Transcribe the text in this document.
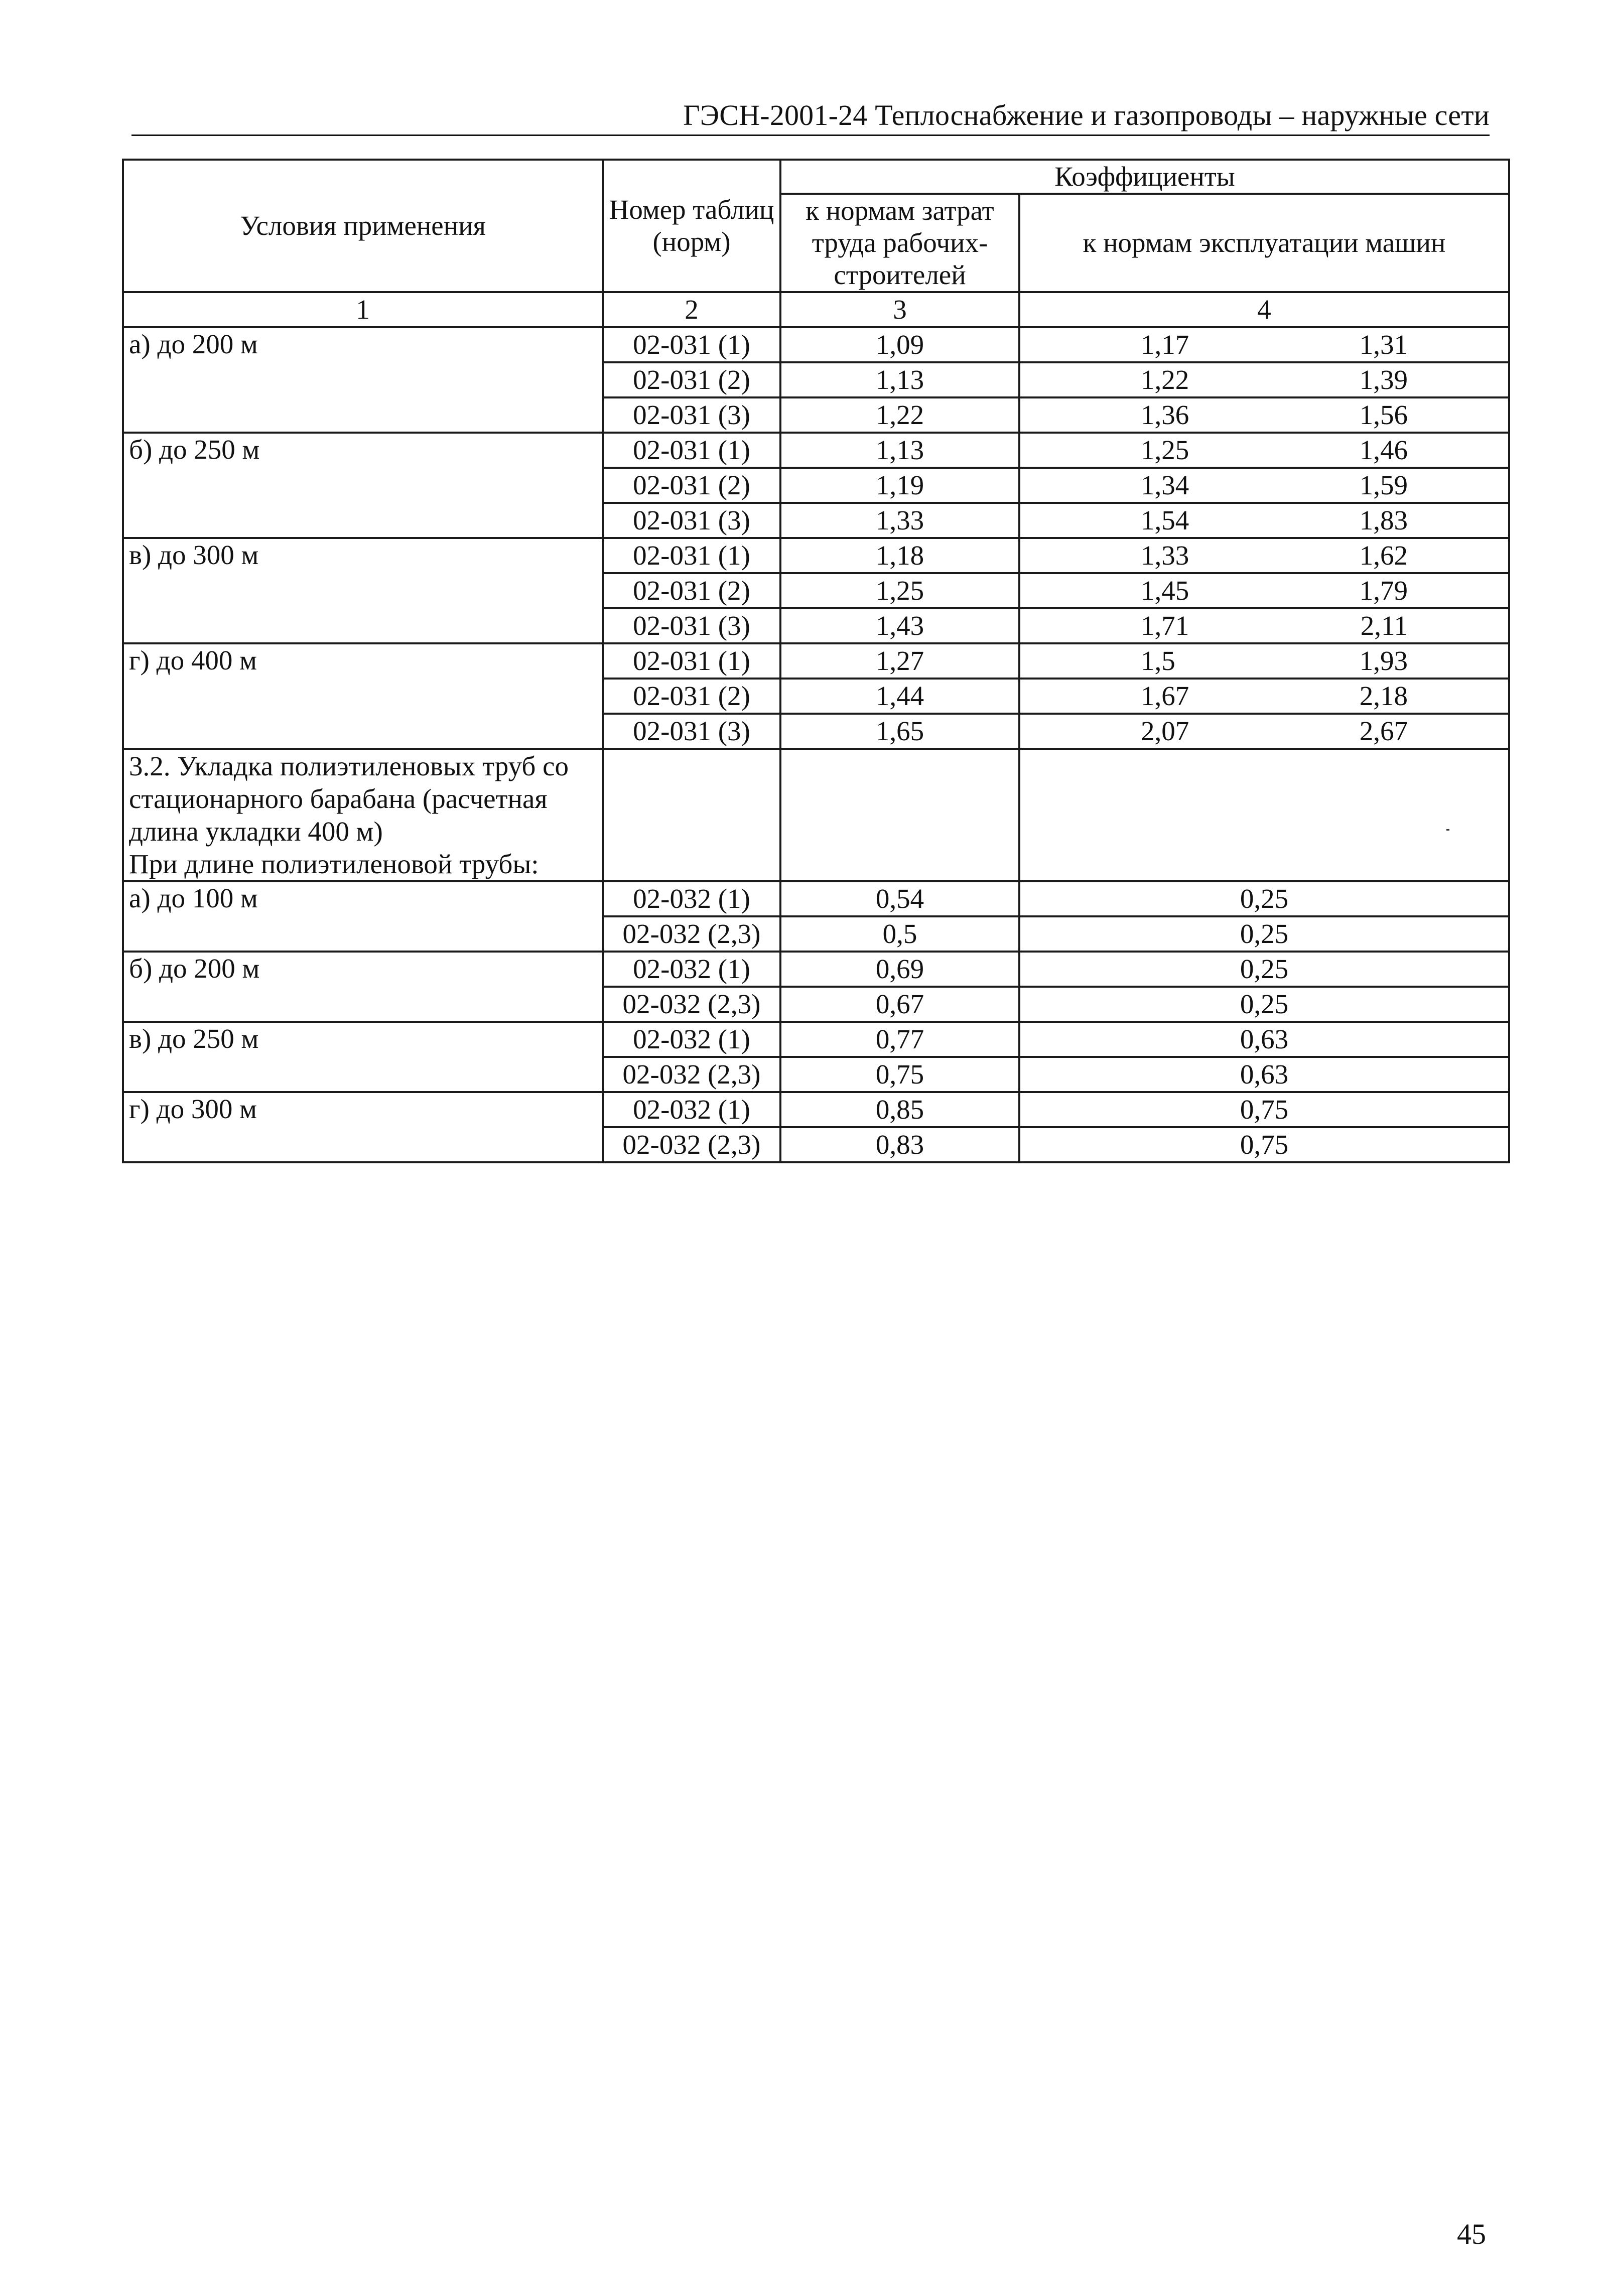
ГЭСН-2001-24 Теплоснабжение и газопроводы – наружные сети
Условия применения	Номер таблиц (норм)	Коэффициенты	
		к нормам затрат труда рабочих-строителей	к нормам эксплуатации машин
1	2	3	4
а) до 200 м	02-031 (1)	1,09	1,17 1,31

	02-031 (2)	1,13	1,22 1,39

	02-031 (3)	1,22	1,36 1,56

б) до 250 м	02-031 (1)	1,13	1,25 1,46

	02-031 (2)	1,19	1,34 1,59

	02-031 (3)	1,33	1,54 1,83

в) до 300 м	02-031 (1)	1,18	1,33 1,62

	02-031 (2)	1,25	1,45 1,79

	02-031 (3)	1,43	1,71 2,11

г) до 400 м	02-031 (1)	1,27	1,5 1,93

	02-031 (2)	1,44	1,67 2,18

	02-031 (3)	1,65	2,07 2,67

3.2. Укладка полиэтиленовых труб со стационарного барабана (расчетная длина укладки 400 м)
При длине полиэтиленовой трубы:			

а) до 100 м	02-032 (1)	0,54	0,25
	02-032 (2,3)	0,5	0,25
б) до 200 м	02-032 (1)	0,69	0,25
	02-032 (2,3)	0,67	0,25
в) до 250 м	02-032 (1)	0,77	0,63
	02-032 (2,3)	0,75	0,63
г) до 300 м	02-032 (1)	0,85	0,75
	02-032 (2,3)	0,83	0,75
45
